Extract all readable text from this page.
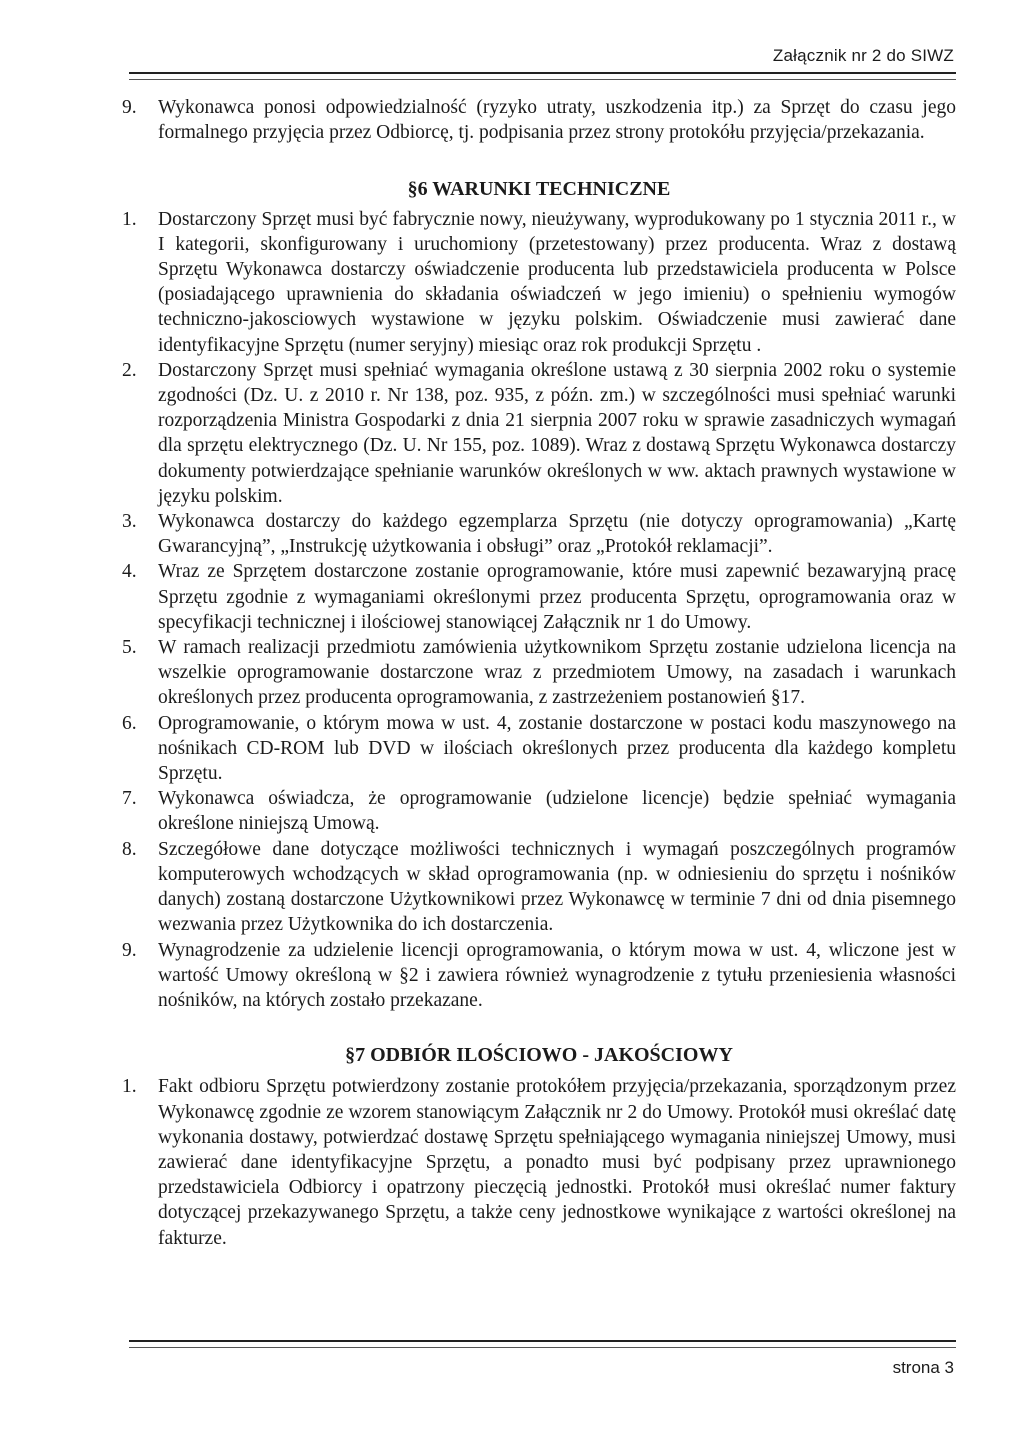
Załącznik nr 2 do SIWZ
9. Wykonawca ponosi odpowiedzialność (ryzyko utraty, uszkodzenia itp.) za Sprzęt do czasu jego formalnego przyjęcia przez Odbiorcę, tj. podpisania przez strony protokółu przyjęcia/przekazania.
§6 WARUNKI TECHNICZNE
1. Dostarczony Sprzęt musi być fabrycznie nowy, nieużywany, wyprodukowany po 1 stycznia 2011 r., w I kategorii, skonfigurowany i uruchomiony (przetestowany) przez producenta. Wraz z dostawą Sprzętu Wykonawca dostarczy oświadczenie producenta lub przedstawiciela producenta w Polsce (posiadającego uprawnienia do składania oświadczeń w jego imieniu) o spełnieniu wymogów techniczno-jakosciowych wystawione w języku polskim. Oświadczenie musi zawierać dane identyfikacyjne Sprzętu (numer seryjny) miesiąc oraz rok produkcji Sprzętu .
2. Dostarczony Sprzęt musi spełniać wymagania określone ustawą z 30 sierpnia 2002 roku o systemie zgodności (Dz. U. z 2010 r. Nr 138, poz. 935, z późn. zm.) w szczególności musi spełniać warunki rozporządzenia Ministra Gospodarki z dnia 21 sierpnia 2007 roku w sprawie zasadniczych wymagań dla sprzętu elektrycznego (Dz. U. Nr 155, poz. 1089). Wraz z dostawą Sprzętu Wykonawca dostarczy dokumenty potwierdzające spełnianie warunków określonych w ww. aktach prawnych wystawione w języku polskim.
3. Wykonawca dostarczy do każdego egzemplarza Sprzętu (nie dotyczy oprogramowania) „Kartę Gwarancyjną”, „Instrukcję użytkowania i obsługi” oraz „Protokół reklamacji”.
4. Wraz ze Sprzętem dostarczone zostanie oprogramowanie, które musi zapewnić bezawaryjną pracę Sprzętu zgodnie z wymaganiami określonymi przez producenta Sprzętu, oprogramowania oraz w specyfikacji technicznej i ilościowej stanowiącej Załącznik nr 1 do Umowy.
5. W ramach realizacji przedmiotu zamówienia użytkownikom Sprzętu zostanie udzielona licencja na wszelkie oprogramowanie dostarczone wraz z przedmiotem Umowy, na zasadach i warunkach określonych przez producenta oprogramowania, z zastrzeżeniem postanowień §17.
6. Oprogramowanie, o którym mowa w ust. 4, zostanie dostarczone w postaci kodu maszynowego na nośnikach CD-ROM lub DVD w ilościach określonych przez producenta dla każdego kompletu Sprzętu.
7. Wykonawca oświadcza, że oprogramowanie (udzielone licencje) będzie spełniać wymagania określone niniejszą Umową.
8. Szczegółowe dane dotyczące możliwości technicznych i wymagań poszczególnych programów komputerowych wchodzących w skład oprogramowania (np. w odniesieniu do sprzętu i nośników danych) zostaną dostarczone Użytkownikowi przez Wykonawcę w terminie 7 dni od dnia pisemnego wezwania przez Użytkownika do ich dostarczenia.
9. Wynagrodzenie za udzielenie licencji oprogramowania, o którym mowa w ust. 4, wliczone jest w wartość Umowy określoną w §2 i zawiera również wynagrodzenie z tytułu przeniesienia własności nośników, na których zostało przekazane.
§7 ODBIÓR ILOŚCIOWO - JAKOŚCIOWY
1. Fakt odbioru Sprzętu potwierdzony zostanie protokółem przyjęcia/przekazania, sporządzonym przez Wykonawcę zgodnie ze wzorem stanowiącym Załącznik nr 2 do Umowy. Protokół musi określać datę wykonania dostawy, potwierdzać dostawę Sprzętu spełniającego wymagania niniejszej Umowy, musi zawierać dane identyfikacyjne Sprzętu, a ponadto musi być podpisany przez uprawnionego przedstawiciela Odbiorcy i opatrzony pieczęcią jednostki. Protokół musi określać numer faktury dotyczącej przekazywanego Sprzętu, a także ceny jednostkowe wynikające z wartości określonej na fakturze.
strona 3
